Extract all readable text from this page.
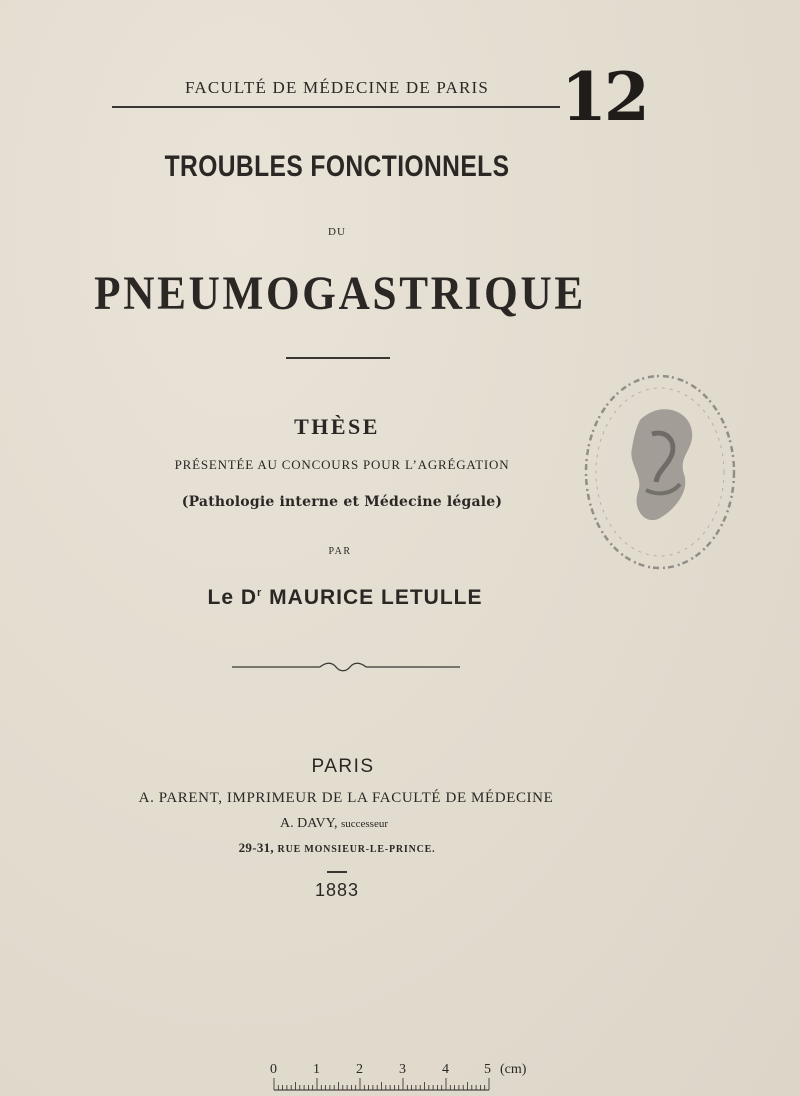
FACULTÉ DE MÉDECINE DE PARIS 12
TROUBLES FONCTIONNELS
DU
PNEUMOGASTRIQUE
THÈSE
PRÉSENTÉE AU CONCOURS POUR L’AGRÉGATION
(Pathologie interne et Médecine légale)
PAR
Le $D^r$ MAURICE LETULLE
PARIS
A. PARENT, IMPRIMEUR DE LA FACULTÉ DE MÉDECINE
A. DAVY, successeur
29-31, RUE MONSIEUR-LE-PRINCE.
1883
0	1	2	3	4	5 (cm)
